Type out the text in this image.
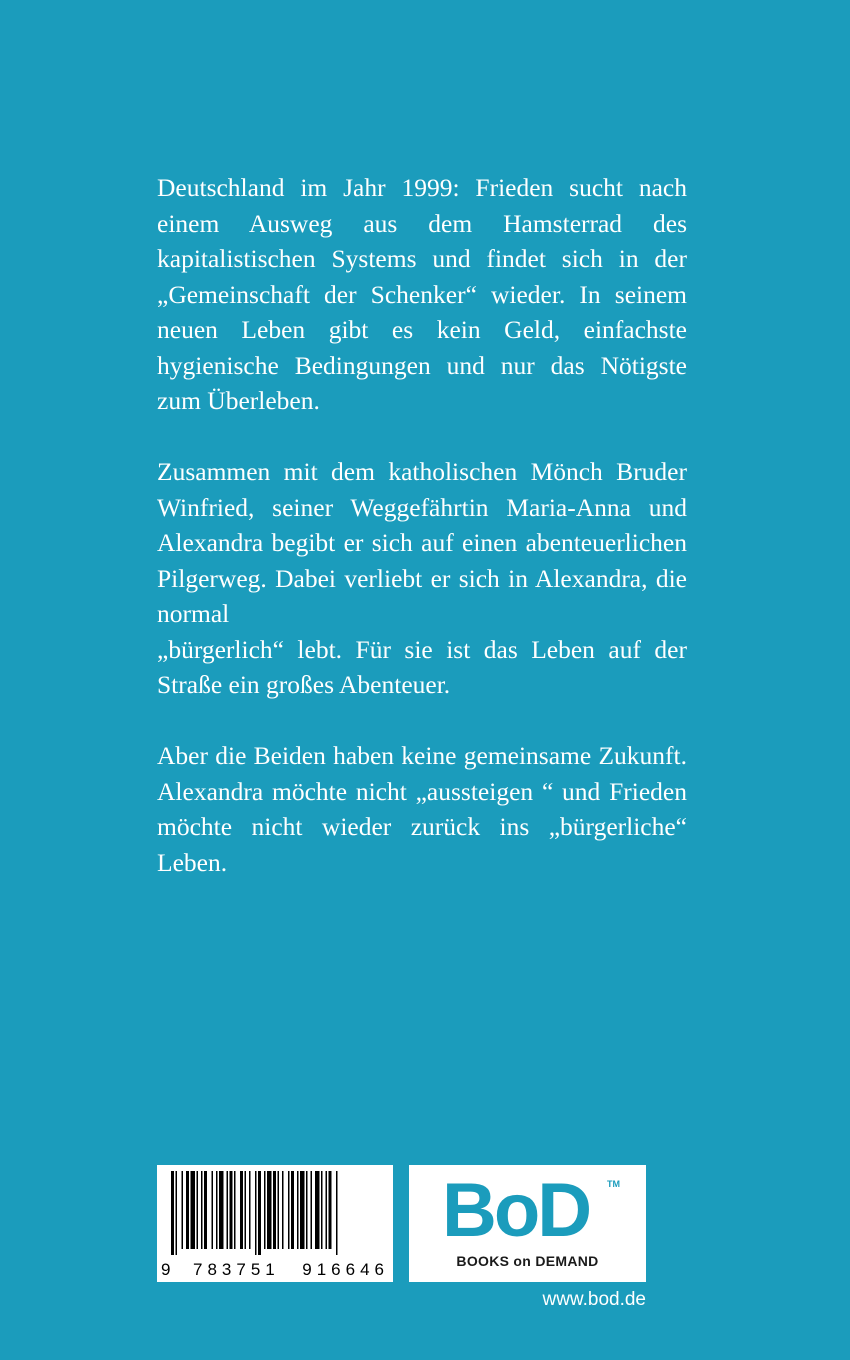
Deutschland im Jahr 1999: Frieden sucht nach einem Ausweg aus dem Hamsterrad des kapitalistischen Systems und findet sich in der „Gemeinschaft der Schenker“ wieder. In seinem neuen Leben gibt es kein Geld, einfachste hygienische Bedingungen und nur das Nötigste zum Überleben.

Zusammen mit dem katholischen Mönch Bruder Winfried, seiner Weggefährtin Maria-Anna und Alexandra begibt er sich auf einen abenteuerlichen Pilgerweg. Dabei verliebt er sich in Alexandra, die normal
„bürgerlich“ lebt. Für sie ist das Leben auf der Straße ein großes Abenteuer.

Aber die Beiden haben keine gemeinsame Zukunft. Alexandra möchte nicht „aussteigen “ und Frieden möchte nicht wieder zurück ins „bürgerliche“ Leben.

9 783751 916646
BoD TM
BOOKS on DEMAND
www.bod.de
